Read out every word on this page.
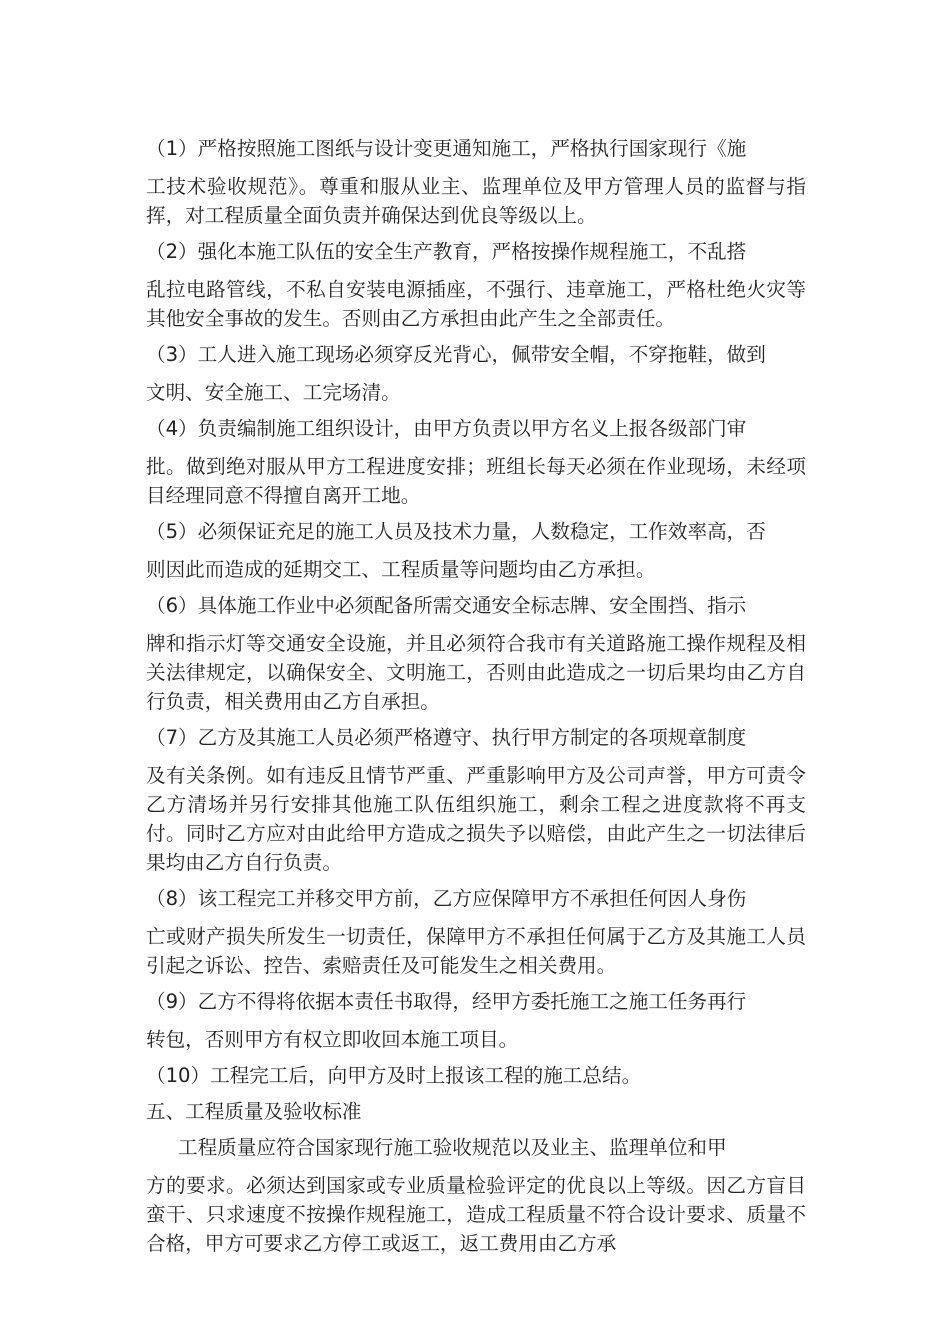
（1）严格按照施工图纸与设计变更通知施工，严格执行国家现行《施
工技术验收规范》。尊重和服从业主、监理单位及甲方管理人员的监督与指挥，对工程质量全面负责并确保达到优良等级以上。
（2）强化本施工队伍的安全生产教育，严格按操作规程施工，不乱搭
乱拉电路管线，不私自安装电源插座，不强行、违章施工，严格杜绝火灾等其他安全事故的发生。否则由乙方承担由此产生之全部责任。
（3）工人进入施工现场必须穿反光背心，佩带安全帽，不穿拖鞋，做到
文明、安全施工、工完场清。
（4）负责编制施工组织设计，由甲方负责以甲方名义上报各级部门审
批。做到绝对服从甲方工程进度安排；班组长每天必须在作业现场，未经项目经理同意不得擅自离开工地。
（5）必须保证充足的施工人员及技术力量，人数稳定，工作效率高，否
则因此而造成的延期交工、工程质量等问题均由乙方承担。
（6）具体施工作业中必须配备所需交通安全标志牌、安全围挡、指示
牌和指示灯等交通安全设施，并且必须符合我市有关道路施工操作规程及相关法律规定，以确保安全、文明施工，否则由此造成之一切后果均由乙方自行负责，相关费用由乙方自承担。
（7）乙方及其施工人员必须严格遵守、执行甲方制定的各项规章制度
及有关条例。如有违反且情节严重、严重影响甲方及公司声誉，甲方可责令乙方清场并另行安排其他施工队伍组织施工，剩余工程之进度款将不再支付。同时乙方应对由此给甲方造成之损失予以赔偿，由此产生之一切法律后果均由乙方自行负责。
（8）该工程完工并移交甲方前，乙方应保障甲方不承担任何因人身伤
亡或财产损失所发生一切责任，保障甲方不承担任何属于乙方及其施工人员引起之诉讼、控告、索赔责任及可能发生之相关费用。
（9）乙方不得将依据本责任书取得，经甲方委托施工之施工任务再行
转包，否则甲方有权立即收回本施工项目。
（10）工程完工后，向甲方及时上报该工程的施工总结。
五、工程质量及验收标准
工程质量应符合国家现行施工验收规范以及业主、监理单位和甲
方的要求。必须达到国家或专业质量检验评定的优良以上等级。因乙方盲目蛮干、只求速度不按操作规程施工，造成工程质量不符合设计要求、质量不合格，甲方可要求乙方停工或返工，返工费用由乙方承
